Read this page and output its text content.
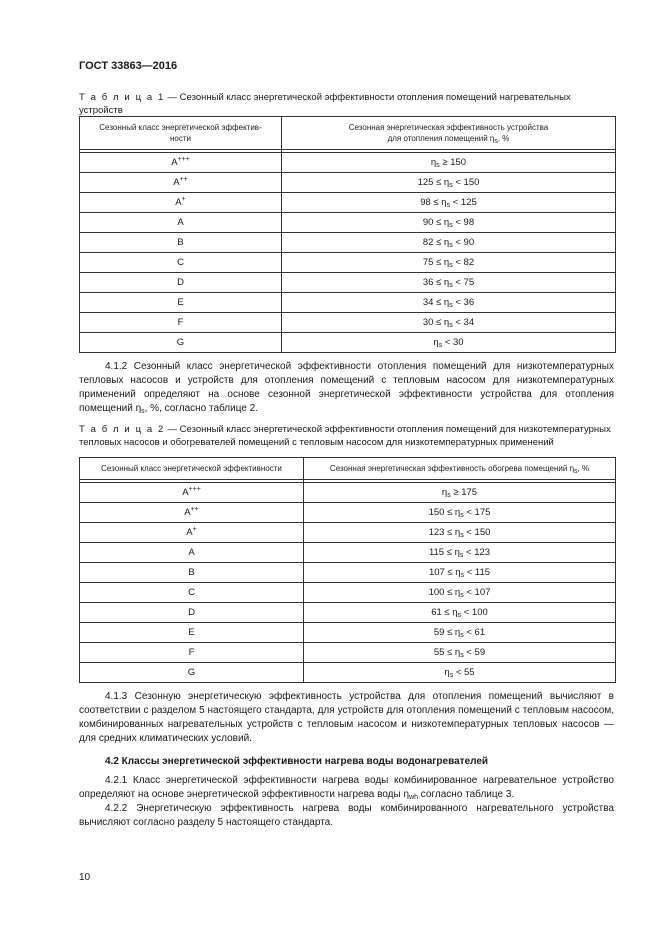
ГОСТ 33863—2016
Т а б л и ц а 1 — Сезонный класс энергетической эффективности отопления помещений нагревательных устройств
Сезонный класс энергетической эффектив-ности	Сезонная энергетическая эффективность устройства
для отопления помещений $\eta_s$, %

A+++	$\eta_s \ge 150$
A++	$125 \le \eta_s < 150$
A+	$98 \le \eta_s < 125$
A	$90 \le \eta_s < 98$
B	$82 \le \eta_s < 90$
C	$75 \le \eta_s < 82$
D	$36 \le \eta_s < 75$
E	$34 \le \eta_s < 36$
F	$30 \le \eta_s < 34$
G	$\eta_s < 30$

4.1.2 Сезонный класс энергетической эффективности отопления помещений для низкотемпературных тепловых насосов и устройств для отопления помещений с тепловым насосом для низкотемпературных применений определяют на основе сезонной энергетической эффективности устройства для отопления помещений $\eta_s$, %, согласно таблице 2.

Т а б л и ц а 2 — Сезонный класс энергетической эффективности отопления помещений для низкотемпературных тепловых насосов и обогревателей помещений с тепловым насосом для низкотемпературных применений
Сезонный класс энергетической эффективности	Сезонная энергетическая эффективность обогрева помещений $\eta_s$, %

A+++	$\eta_s \ge 175$
A++	$150 \le \eta_s < 175$
A+	$123 \le \eta_s < 150$
A	$115 \le \eta_s < 123$
B	$107 \le \eta_s < 115$
C	$100 \le \eta_s < 107$
D	$61 \le \eta_s < 100$
E	$59 \le \eta_s < 61$
F	$55 \le \eta_s < 59$
G	$\eta_s < 55$

4.1.3 Сезонную энергетическую эффективность устройства для отопления помещений вычисляют в соответствии с разделом 5 настоящего стандарта, для устройств для отопления помещений с тепловым насосом, комбинированных нагревательных устройств с тепловым насосом и низкотемпературных тепловых насосов — для средних климатических условий.

4.2 Классы энергетической эффективности нагрева воды водонагревателей

4.2.1 Класс энергетической эффективности нагрева воды комбинированное нагревательное устройство определяют на основе энергетической эффективности нагрева воды $\eta_{wh}$ согласно таблице 3.

4.2.2 Энергетическую эффективность нагрева воды комбинированного нагревательного устройства вычисляют согласно разделу 5 настоящего стандарта.

10
